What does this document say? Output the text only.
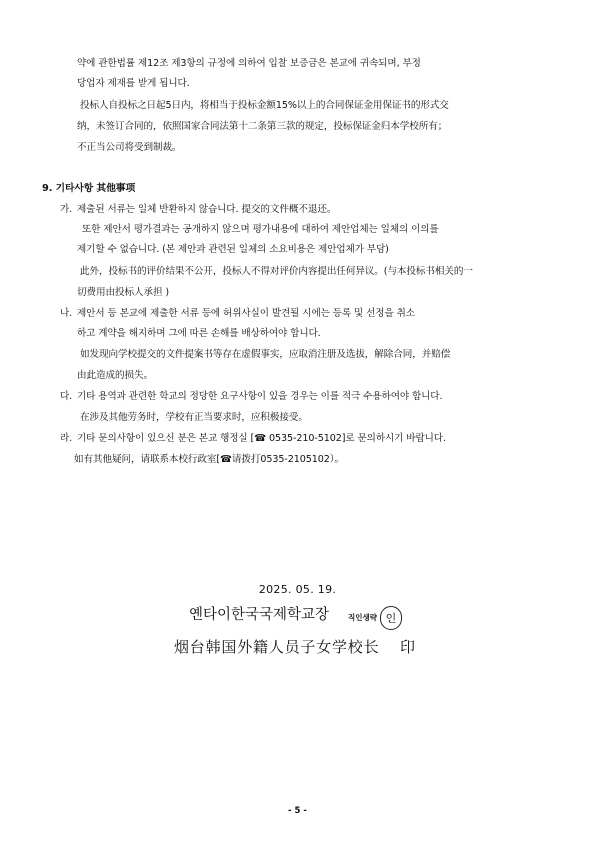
약에 관한법률 제12조 제3항의 규정에 의하여 입찰 보증금은 본교에 귀속되며, 부정
당업자 제재를 받게 됩니다.
投标人自投标之日起5日内，将相当于投标金额15%以上的合同保证金用保证书的形式交
纳，未签订合同的，依照国家合同法第十二条第三款的规定，投标保证金归本学校所有；
不正当公司将受到制裁。
9. 기타사항 其他事项
가. 제출된 서류는 일체 반환하지 않습니다. 提交的文件概不退还。
또한 제안서 평가결과는 공개하지 않으며 평가내용에 대하여 제안업체는 일체의 이의를
제기할 수 없습니다. (본 제안과 관련된 일체의 소요비용은 제안업체가 부담)
此外，投标书的评价结果不公开，投标人不得对评价内容提出任何异议。(与本投标书相关的一
切费用由投标人承担 )
나. 제안서 등 본교에 제출한 서류 등에 허위사실이 발견될 시에는 등록 및 선정을 취소
하고 계약을 해지하며 그에 따른 손해를 배상하여야 합니다.
如发现向学校提交的文件提案书等存在虚假事实，应取消注册及选拔，解除合同，并赔偿
由此造成的损失。
다. 기타 용역과 관련한 학교의 정당한 요구사항이 있을 경우는 이를 적극 수용하여야 합니다.
在涉及其他劳务时，学校有正当要求时，应积极接受。
라. 기타 문의사항이 있으신 분은 본교 행정실 [☎ 0535-210-5102]로 문의하시기 바랍니다.
如有其他疑问，请联系本校行政室[☎请拨打0535-2105102）。
2025. 05. 19.
옌타이한국국제학교장	직인생략 인
烟台韩国外籍人员子女学校长 印
- 5 -
